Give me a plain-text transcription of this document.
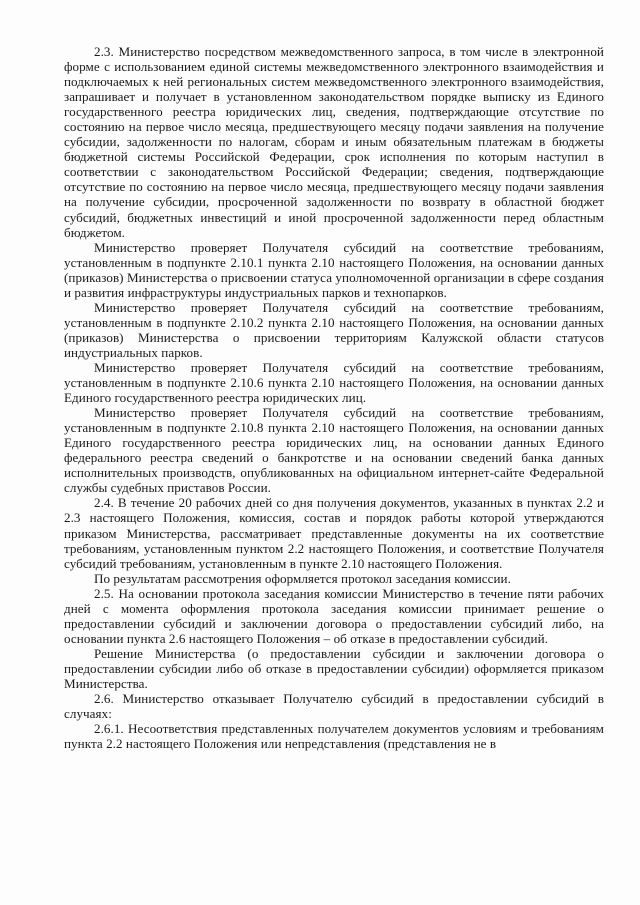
2.3. Министерство посредством межведомственного запроса, в том числе в электронной форме с использованием единой системы межведомственного электронного взаимодействия и подключаемых к ней региональных систем межведомственного электронного взаимодействия, запрашивает и получает в установленном законодательством порядке выписку из Единого государственного реестра юридических лиц, сведения, подтверждающие отсутствие по состоянию на первое число месяца, предшествующего месяцу подачи заявления на получение субсидии, задолженности по налогам, сборам и иным обязательным платежам в бюджеты бюджетной системы Российской Федерации, срок исполнения по которым наступил в соответствии с законодательством Российской Федерации; сведения, подтверждающие отсутствие по состоянию на первое число месяца, предшествующего месяцу подачи заявления на получение субсидии, просроченной задолженности по возврату в областной бюджет субсидий, бюджетных инвестиций и иной просроченной задолженности перед областным бюджетом.

Министерство проверяет Получателя субсидий на соответствие требованиям, установленным в подпункте 2.10.1 пункта 2.10 настоящего Положения, на основании данных (приказов) Министерства о присвоении статуса уполномоченной организации в сфере создания и развития инфраструктуры индустриальных парков и технопарков.

Министерство проверяет Получателя субсидий на соответствие требованиям, установленным в подпункте 2.10.2 пункта 2.10 настоящего Положения, на основании данных (приказов) Министерства о присвоении территориям Калужской области статусов индустриальных парков.

Министерство проверяет Получателя субсидий на соответствие требованиям, установленным в подпункте 2.10.6 пункта 2.10 настоящего Положения, на основании данных Единого государственного реестра юридических лиц.

Министерство проверяет Получателя субсидий на соответствие требованиям, установленным в подпункте 2.10.8 пункта 2.10 настоящего Положения, на основании данных Единого государственного реестра юридических лиц, на основании данных Единого федерального реестра сведений о банкротстве и на основании сведений банка данных исполнительных производств, опубликованных на официальном интернет-сайте Федеральной службы судебных приставов России.

2.4. В течение 20 рабочих дней со дня получения документов, указанных в пунктах 2.2 и 2.3 настоящего Положения, комиссия, состав и порядок работы которой утверждаются приказом Министерства, рассматривает представленные документы на их соответствие требованиям, установленным пунктом 2.2 настоящего Положения, и соответствие Получателя субсидий требованиям, установленным в пункте 2.10 настоящего Положения.

По результатам рассмотрения оформляется протокол заседания комиссии.

2.5. На основании протокола заседания комиссии Министерство в течение пяти рабочих дней с момента оформления протокола заседания комиссии принимает решение о предоставлении субсидий и заключении договора о предоставлении субсидий либо, на основании пункта 2.6 настоящего Положения – об отказе в предоставлении субсидий.

Решение Министерства (о предоставлении субсидии и заключении договора о предоставлении субсидии либо об отказе в предоставлении субсидии) оформляется приказом Министерства.

2.6. Министерство отказывает Получателю субсидий в предоставлении субсидий в случаях:

2.6.1. Несоответствия представленных получателем документов условиям и требованиям пункта 2.2 настоящего Положения или непредставления (представления не в
